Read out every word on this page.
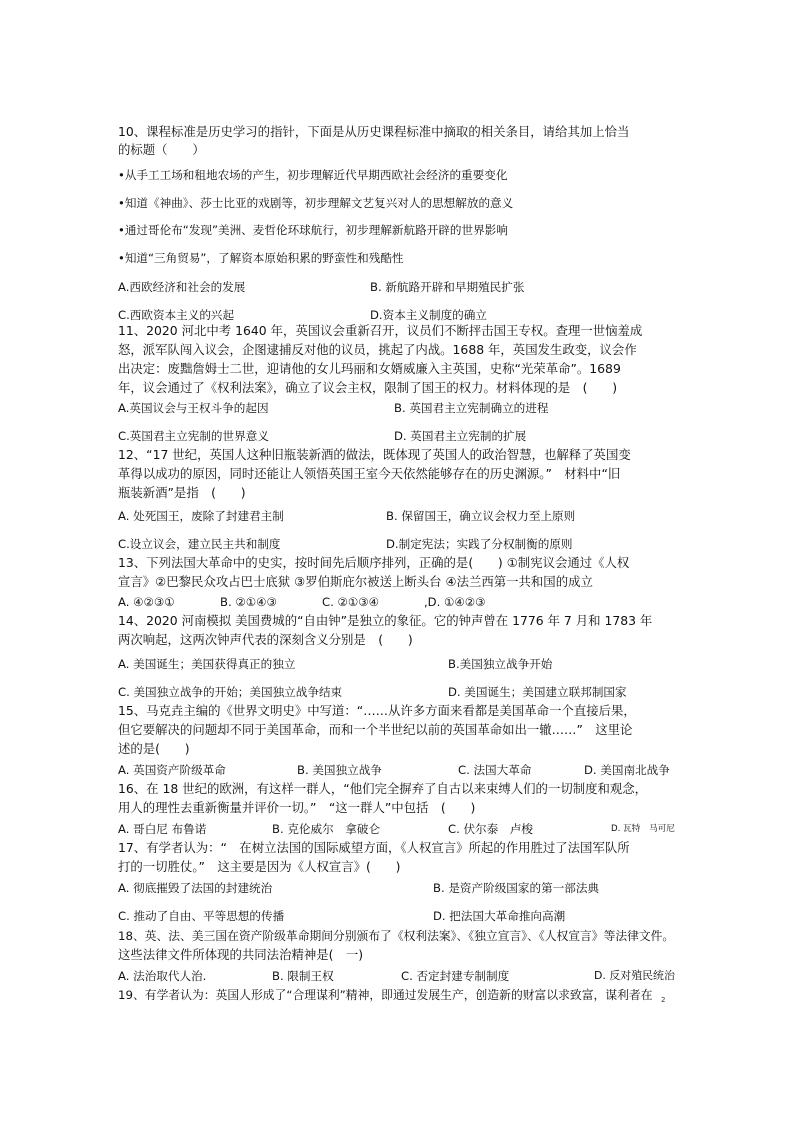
10、课程标准是历史学习的指针，下面是从历史课程标准中摘取的相关条目，请给其加上恰当
的标题（　　）
•从手工工场和租地农场的产生，初步理解近代早期西欧社会经济的重要变化
•知道《神曲》、莎士比亚的戏剧等，初步理解文艺复兴对人的思想解放的意义
•通过哥伦布“发现”美洲、麦哲伦环球航行，初步理解新航路开辟的世界影响
•知道“三角贸易”，了解资本原始积累的野蛮性和残酷性
A.西欧经济和社会的发展	B. 新航路开辟和早期殖民扩张
C.西欧资本主义的兴起	D.资本主义制度的确立
11、2020 河北中考 1640 年，英国议会重新召开，议员们不断抨击国王专权。查理一世恼羞成
怒，派军队闯入议会，企图逮捕反对他的议员，挑起了内战。1688 年，英国发生政变，议会作
出决定：废黜詹姆士二世，迎请他的女儿玛丽和女婿威廉入主英国，史称“光荣革命”。1689
年，议会通过了《权利法案》，确立了议会主权，限制了国王的权力。材料体现的是　(　　)
A.英国议会与王权斗争的起因	B. 英国君主立宪制确立的进程
C.英国君主立宪制的世界意义	D. 英国君主立宪制的扩展
12、“17 世纪，英国人这种旧瓶装新酒的做法，既体现了英国人的政治智慧，也解释了英国变
革得以成功的原因，同时还能让人领悟英国王室今天依然能够存在的历史渊源。”　材料中“旧
瓶装新酒”是指　(　　)
A. 处死国王，废除了封建君主制	B. 保留国王，确立议会权力至上原则
C.设立议会，建立民主共和制度	D.制定宪法；实践了分权制衡的原则
13、下列法国大革命中的史实，按时间先后顺序排列，正确的是(　　) ①制宪议会通过《人权
宣言》②巴黎民众攻占巴士底狱 ③罗伯斯庇尔被送上断头台 ④法兰西第一共和国的成立
A. ④②③①	B. ②①④③	C. ②①③④	,D. ①④②③
14、2020 河南模拟 美国费城的“自由钟”是独立的象征。它的钟声曾在 1776 年 7 月和 1783 年
两次响起，这两次钟声代表的深刻含义分别是　(　　)
A. 美国诞生；美国获得真正的独立	B.美国独立战争开始
C. 美国独立战争的开始；美国独立战争结束	D. 美国诞生；美国建立联邦制国家
15、马克垚主编的《世界文明史》中写道：“……从许多方面来看都是美国革命一个直接后果，
但它要解决的问题却不同于美国革命，而和一个半世纪以前的英国革命如出一辙……”　这里论
述的是(　　)
A. 英国资产阶级革命	B. 美国独立战争	C. 法国大革命	D. 美国南北战争
16、在 18 世纪的欧洲，有这样一群人，“他们完全摒弃了自古以来束缚人们的一切制度和观念，
用人的理性去重新衡量并评价一切。”　“这一群人”中包括　(　　)
A. 哥白尼 布鲁诺	B. 克伦威尔　拿破仑	C. 伏尔泰　卢梭	D. 瓦特　马可尼
17、有学者认为：“　在树立法国的国际威望方面，《人权宣言》所起的作用胜过了法国军队所
打的一切胜仗。”　这主要是因为《人权宣言》(　　)
A. 彻底摧毁了法国的封建统治	B. 是资产阶级国家的第一部法典
C. 推动了自由、平等思想的传播	D. 把法国大革命推向高潮
18、英、法、美三国在资产阶级革命期间分别颁布了《权利法案》、《独立宣言》、《人权宣言》等法律文件。
这些法律文件所体现的共同法治精神是(　一)
A. 法治取代人治.	B. 限制王权	C. 否定封建专制制度	D. 反对殖民统治
19、有学者认为：英国人形成了“合理谋利”精神，即通过发展生产，创造新的财富以求致富，谋利者在 2
